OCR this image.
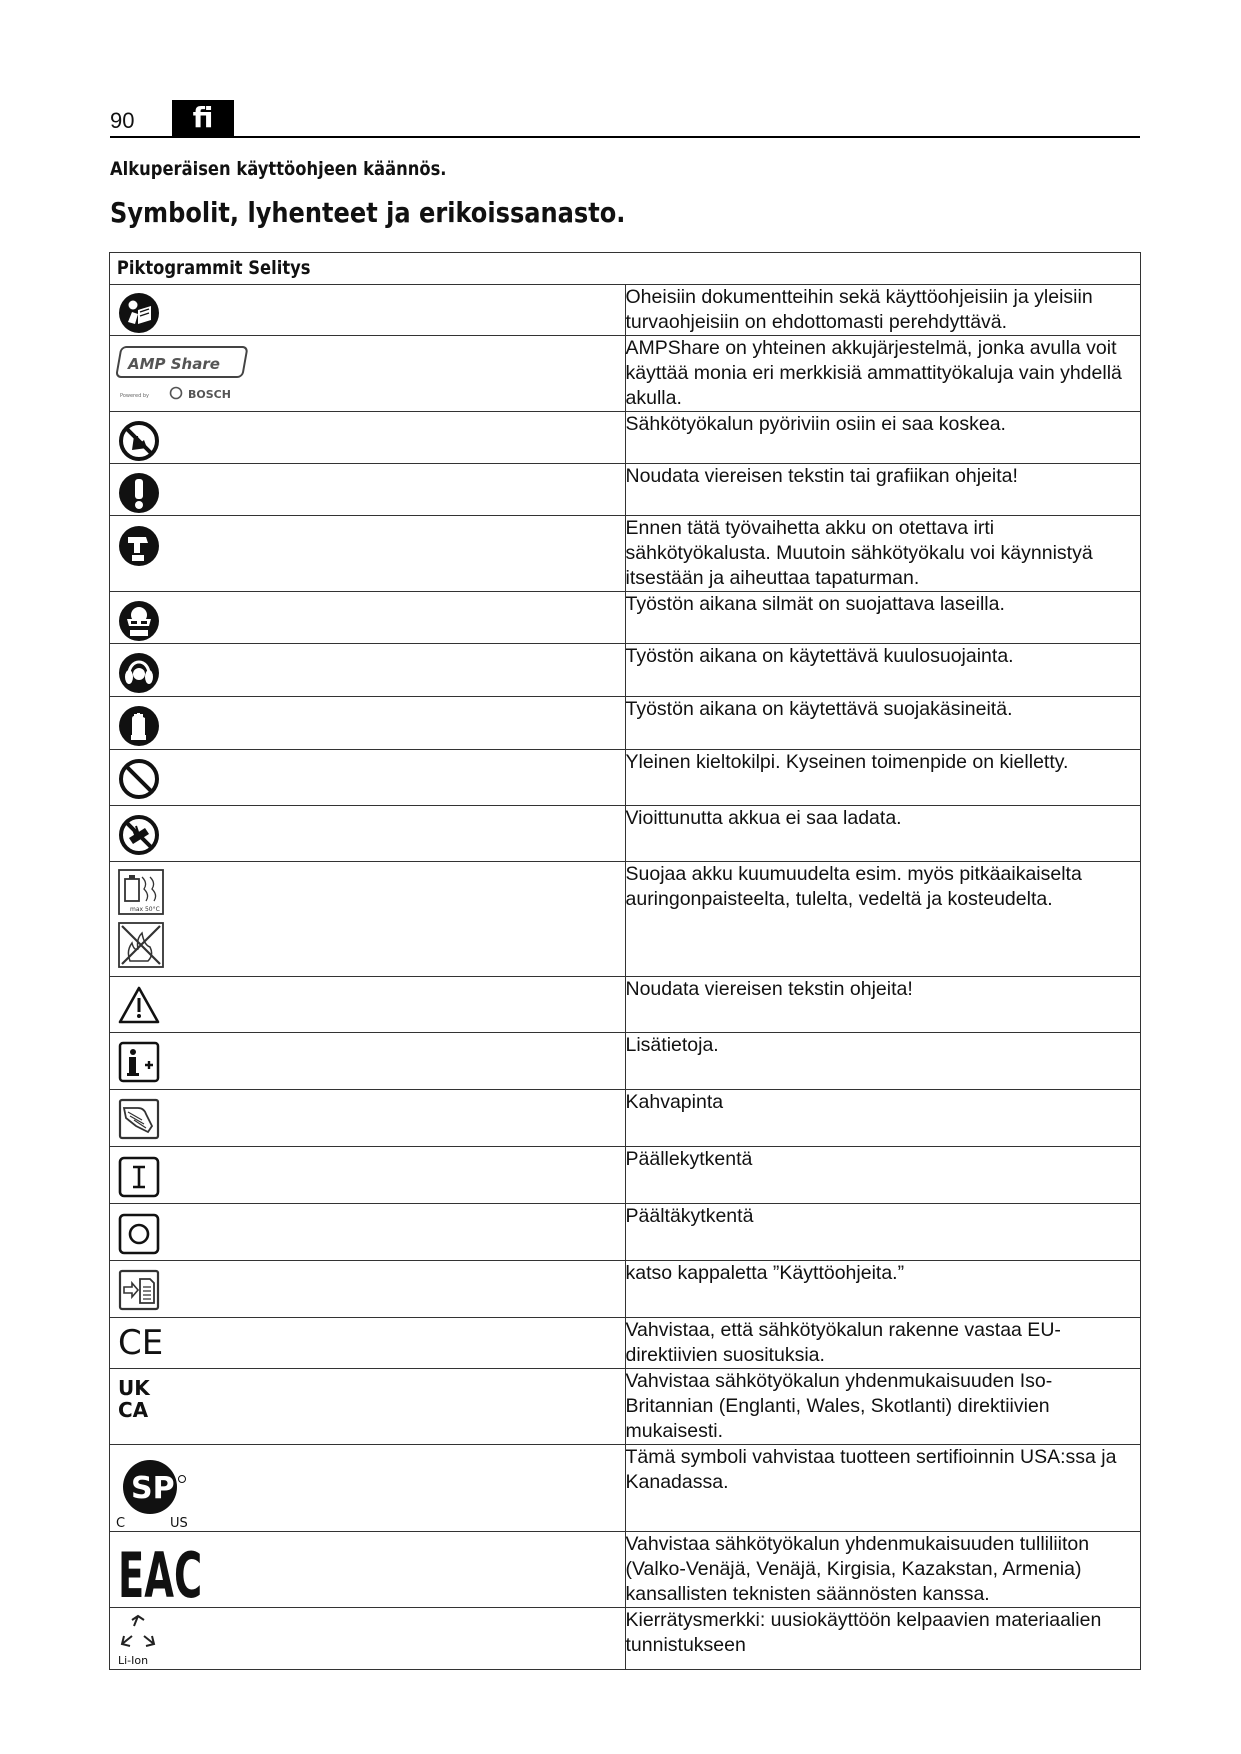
90	fi
Alkuperäisen käyttöohjeen käännös.
Symbolit, lyhenteet ja erikoissanasto.
Piktogrammit Selitys	

	Oheisiin dokumentteihin sekä käyttöohjeisiin ja yleisiin turvaohjeisiin on ehdottomasti perehdyttävä.

AMP Share
Powered by BOSCH	AMPShare on yhteinen akkujärjestelmä, jonka avulla voit käyttää monia eri merkkisiä ammattityökaluja vain yhdellä akulla.

	Sähkötyökalun pyöriviin osiin ei saa koskea.

	Noudata viereisen tekstin tai grafiikan ohjeita!

	Ennen tätä työvaihetta akku on otettava irti sähkötyökalusta. Muutoin sähkötyökalu voi käynnistyä itsestään ja aiheuttaa tapaturman.

	Työstön aikana silmät on suojattava laseilla.

	Työstön aikana on käytettävä kuulosuojainta.

	Työstön aikana on käytettävä suojakäsineitä.

	Yleinen kieltokilpi. Kyseinen toimenpide on kielletty.

	Vioittunutta akkua ei saa ladata.

max 50°C	Suojaa akku kuumuudelta esim. myös pitkäaikaiselta auringonpaisteelta, tulelta, vedeltä ja kosteudelta.

	Noudata viereisen tekstin ohjeita!

	Lisätietoja.

	Kahvapinta

	Päällekytkentä

	Päältäkytkentä

	katso kappaletta ”Käyttöohjeita.”

CE	Vahvistaa, että sähkötyökalun rakenne vastaa EU-direktiivien suosituksia.

UK
CA	Vahvistaa sähkötyökalun yhdenmukaisuuden Iso-Britannian (Englanti, Wales, Skotlanti) direktiivien mukaisesti.

SP
C US	Tämä symboli vahvistaa tuotteen sertifioinnin USA:ssa ja Kanadassa.

EAC	Vahvistaa sähkötyökalun yhdenmukaisuuden tulliliiton (Valko-Venäjä, Venäjä, Kirgisia, Kazakstan, Armenia) kansallisten teknisten säännösten kanssa.

Li-Ion	Kierrätysmerkki: uusiokäyttöön kelpaavien materiaalien tunnistukseen
